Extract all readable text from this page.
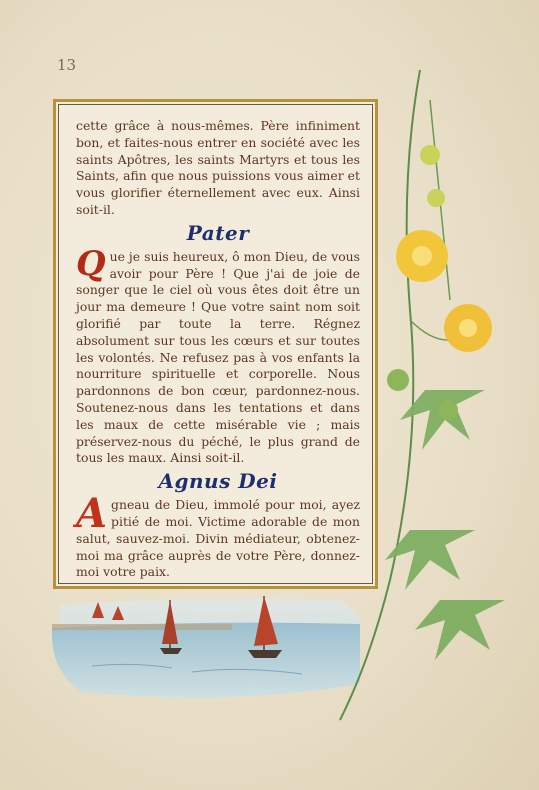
13

cette grâce à nous-mêmes. Père infiniment bon, et faites-nous entrer en société avec les saints Apôtres, les saints Martyrs et tous les Saints, afin que nous puissions vous aimer et vous glorifier éternellement avec eux. Ainsi soit-il.

Pater

Que je suis heureux, ô mon Dieu, de vous avoir pour Père ! Que j'ai de joie de songer que le ciel où vous êtes doit être un jour ma demeure ! Que votre saint nom soit glorifié par toute la terre. Régnez absolument sur tous les cœurs et sur toutes les volontés. Ne refusez pas à vos enfants la nourriture spirituelle et corporelle. Nous pardonnons de bon cœur, pardonnez-nous. Soutenez-nous dans les tentations et dans les maux de cette misérable vie ; mais préservez-nous du péché, le plus grand de tous les maux. Ainsi soit-il.

Agnus Dei

Agneau de Dieu, immolé pour moi, ayez pitié de moi. Victime adorable de mon salut, sauvez-moi. Divin médiateur, obtenez-moi ma grâce auprès de votre Père, donnez-moi votre paix.
